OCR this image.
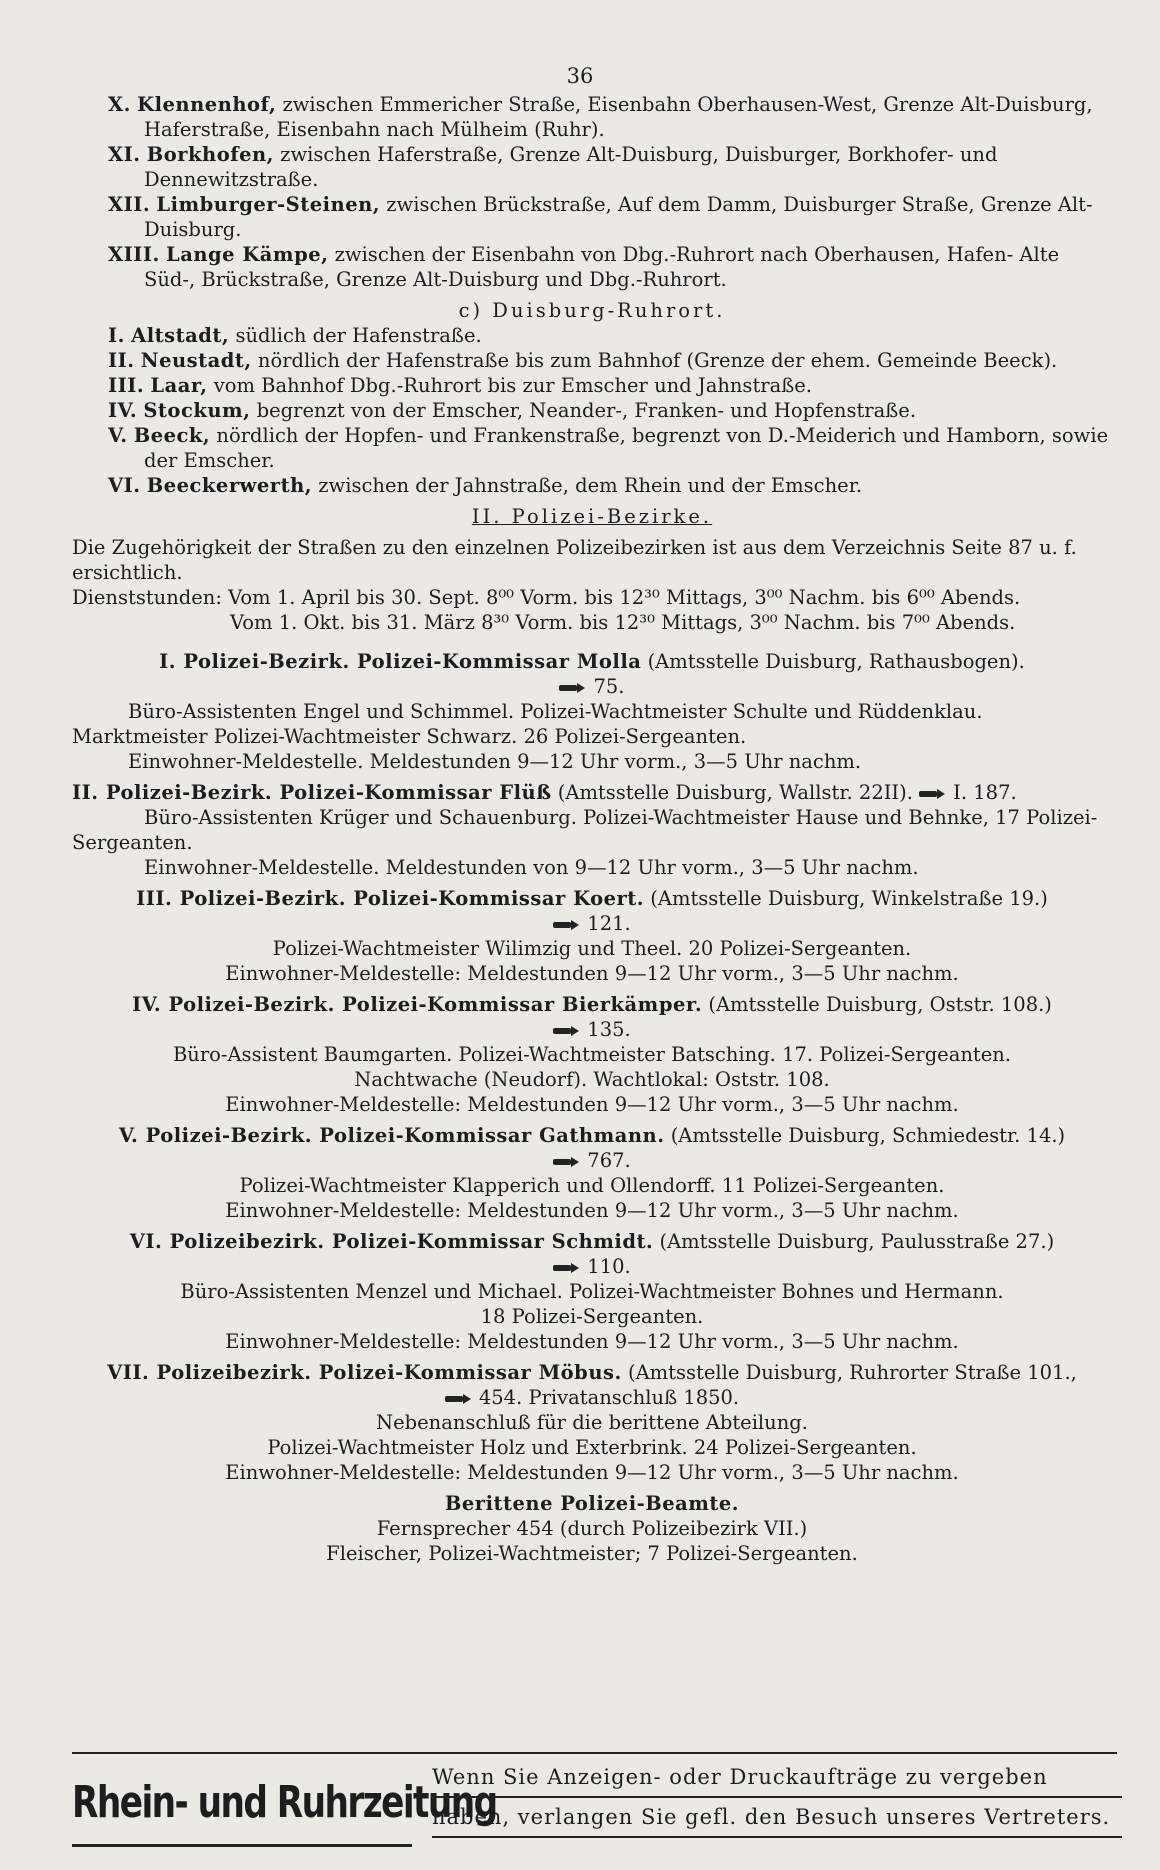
36

X. Klennenhof, zwischen Emmericher Straße, Eisenbahn Oberhausen-West, Grenze Alt-Duisburg, Haferstraße, Eisenbahn nach Mülheim (Ruhr).

XI. Borkhofen, zwischen Haferstraße, Grenze Alt-Duisburg, Duisburger, Borkhofer- und Dennewitzstraße.

XII. Limburger-Steinen, zwischen Brückstraße, Auf dem Damm, Duisburger Straße, Grenze Alt-Duisburg.

XIII. Lange Kämpe, zwischen der Eisenbahn von Dbg.-Ruhrort nach Oberhausen, Hafen- Alte Süd-, Brückstraße, Grenze Alt-Duisburg und Dbg.-Ruhrort.

c) Duisburg-Ruhrort.

I. Altstadt, südlich der Hafenstraße.

II. Neustadt, nördlich der Hafenstraße bis zum Bahnhof (Grenze der ehem. Gemeinde Beeck).

III. Laar, vom Bahnhof Dbg.-Ruhrort bis zur Emscher und Jahnstraße.

IV. Stockum, begrenzt von der Emscher, Neander-, Franken- und Hopfenstraße.

V. Beeck, nördlich der Hopfen- und Frankenstraße, begrenzt von D.-Meiderich und Hamborn, sowie der Emscher.

VI. Beeckerwerth, zwischen der Jahnstraße, dem Rhein und der Emscher.

II. Polizei-Bezirke.

Die Zugehörigkeit der Straßen zu den einzelnen Polizeibezirken ist aus dem Verzeichnis Seite 87 u. f. ersichtlich.

Dienststunden: Vom 1. April bis 30. Sept. 8⁰⁰ Vorm. bis 12³⁰ Mittags, 3⁰⁰ Nachm. bis 6⁰⁰ Abends.

Vom 1. Okt. bis 31. März 8³⁰ Vorm. bis 12³⁰ Mittags, 3⁰⁰ Nachm. bis 7⁰⁰ Abends.

I. Polizei-Bezirk. Polizei-Kommissar Molla (Amtsstelle Duisburg, Rathausbogen).

75.

Büro-Assistenten Engel und Schimmel. Polizei-Wachtmeister Schulte und Rüddenklau. Marktmeister Polizei-Wachtmeister Schwarz. 26 Polizei-Sergeanten.

Einwohner-Meldestelle. Meldestunden 9—12 Uhr vorm., 3—5 Uhr nachm.

II. Polizei-Bezirk. Polizei-Kommissar Flüß (Amtsstelle Duisburg, Wallstr. 22II). I. 187.

Büro-Assistenten Krüger und Schauenburg. Polizei-Wachtmeister Hause und Behnke, 17 Polizei-Sergeanten.

Einwohner-Meldestelle. Meldestunden von 9—12 Uhr vorm., 3—5 Uhr nachm.

III. Polizei-Bezirk. Polizei-Kommissar Koert. (Amtsstelle Duisburg, Winkelstraße 19.)

121.

Polizei-Wachtmeister Wilimzig und Theel. 20 Polizei-Sergeanten.

Einwohner-Meldestelle: Meldestunden 9—12 Uhr vorm., 3—5 Uhr nachm.

IV. Polizei-Bezirk. Polizei-Kommissar Bierkämper. (Amtsstelle Duisburg, Oststr. 108.)

135.

Büro-Assistent Baumgarten. Polizei-Wachtmeister Batsching. 17. Polizei-Sergeanten.

Nachtwache (Neudorf). Wachtlokal: Oststr. 108.

Einwohner-Meldestelle: Meldestunden 9—12 Uhr vorm., 3—5 Uhr nachm.

V. Polizei-Bezirk. Polizei-Kommissar Gathmann. (Amtsstelle Duisburg, Schmiedestr. 14.)

767.

Polizei-Wachtmeister Klapperich und Ollendorff. 11 Polizei-Sergeanten.

Einwohner-Meldestelle: Meldestunden 9—12 Uhr vorm., 3—5 Uhr nachm.

VI. Polizeibezirk. Polizei-Kommissar Schmidt. (Amtsstelle Duisburg, Paulusstraße 27.)

110.

Büro-Assistenten Menzel und Michael. Polizei-Wachtmeister Bohnes und Hermann.

18 Polizei-Sergeanten.

Einwohner-Meldestelle: Meldestunden 9—12 Uhr vorm., 3—5 Uhr nachm.

VII. Polizeibezirk. Polizei-Kommissar Möbus. (Amtsstelle Duisburg, Ruhrorter Straße 101.,

454. Privatanschluß 1850.

Nebenanschluß für die berittene Abteilung.

Polizei-Wachtmeister Holz und Exterbrink. 24 Polizei-Sergeanten.

Einwohner-Meldestelle: Meldestunden 9—12 Uhr vorm., 3—5 Uhr nachm.

Berittene Polizei-Beamte.

Fernsprecher 454 (durch Polizeibezirk VII.)

Fleischer, Polizei-Wachtmeister; 7 Polizei-Sergeanten.

Rhein- und Ruhrzeitung
Wenn Sie Anzeigen- oder Druckaufträge zu vergeben
haben, verlangen Sie gefl. den Besuch unseres Vertreters.
